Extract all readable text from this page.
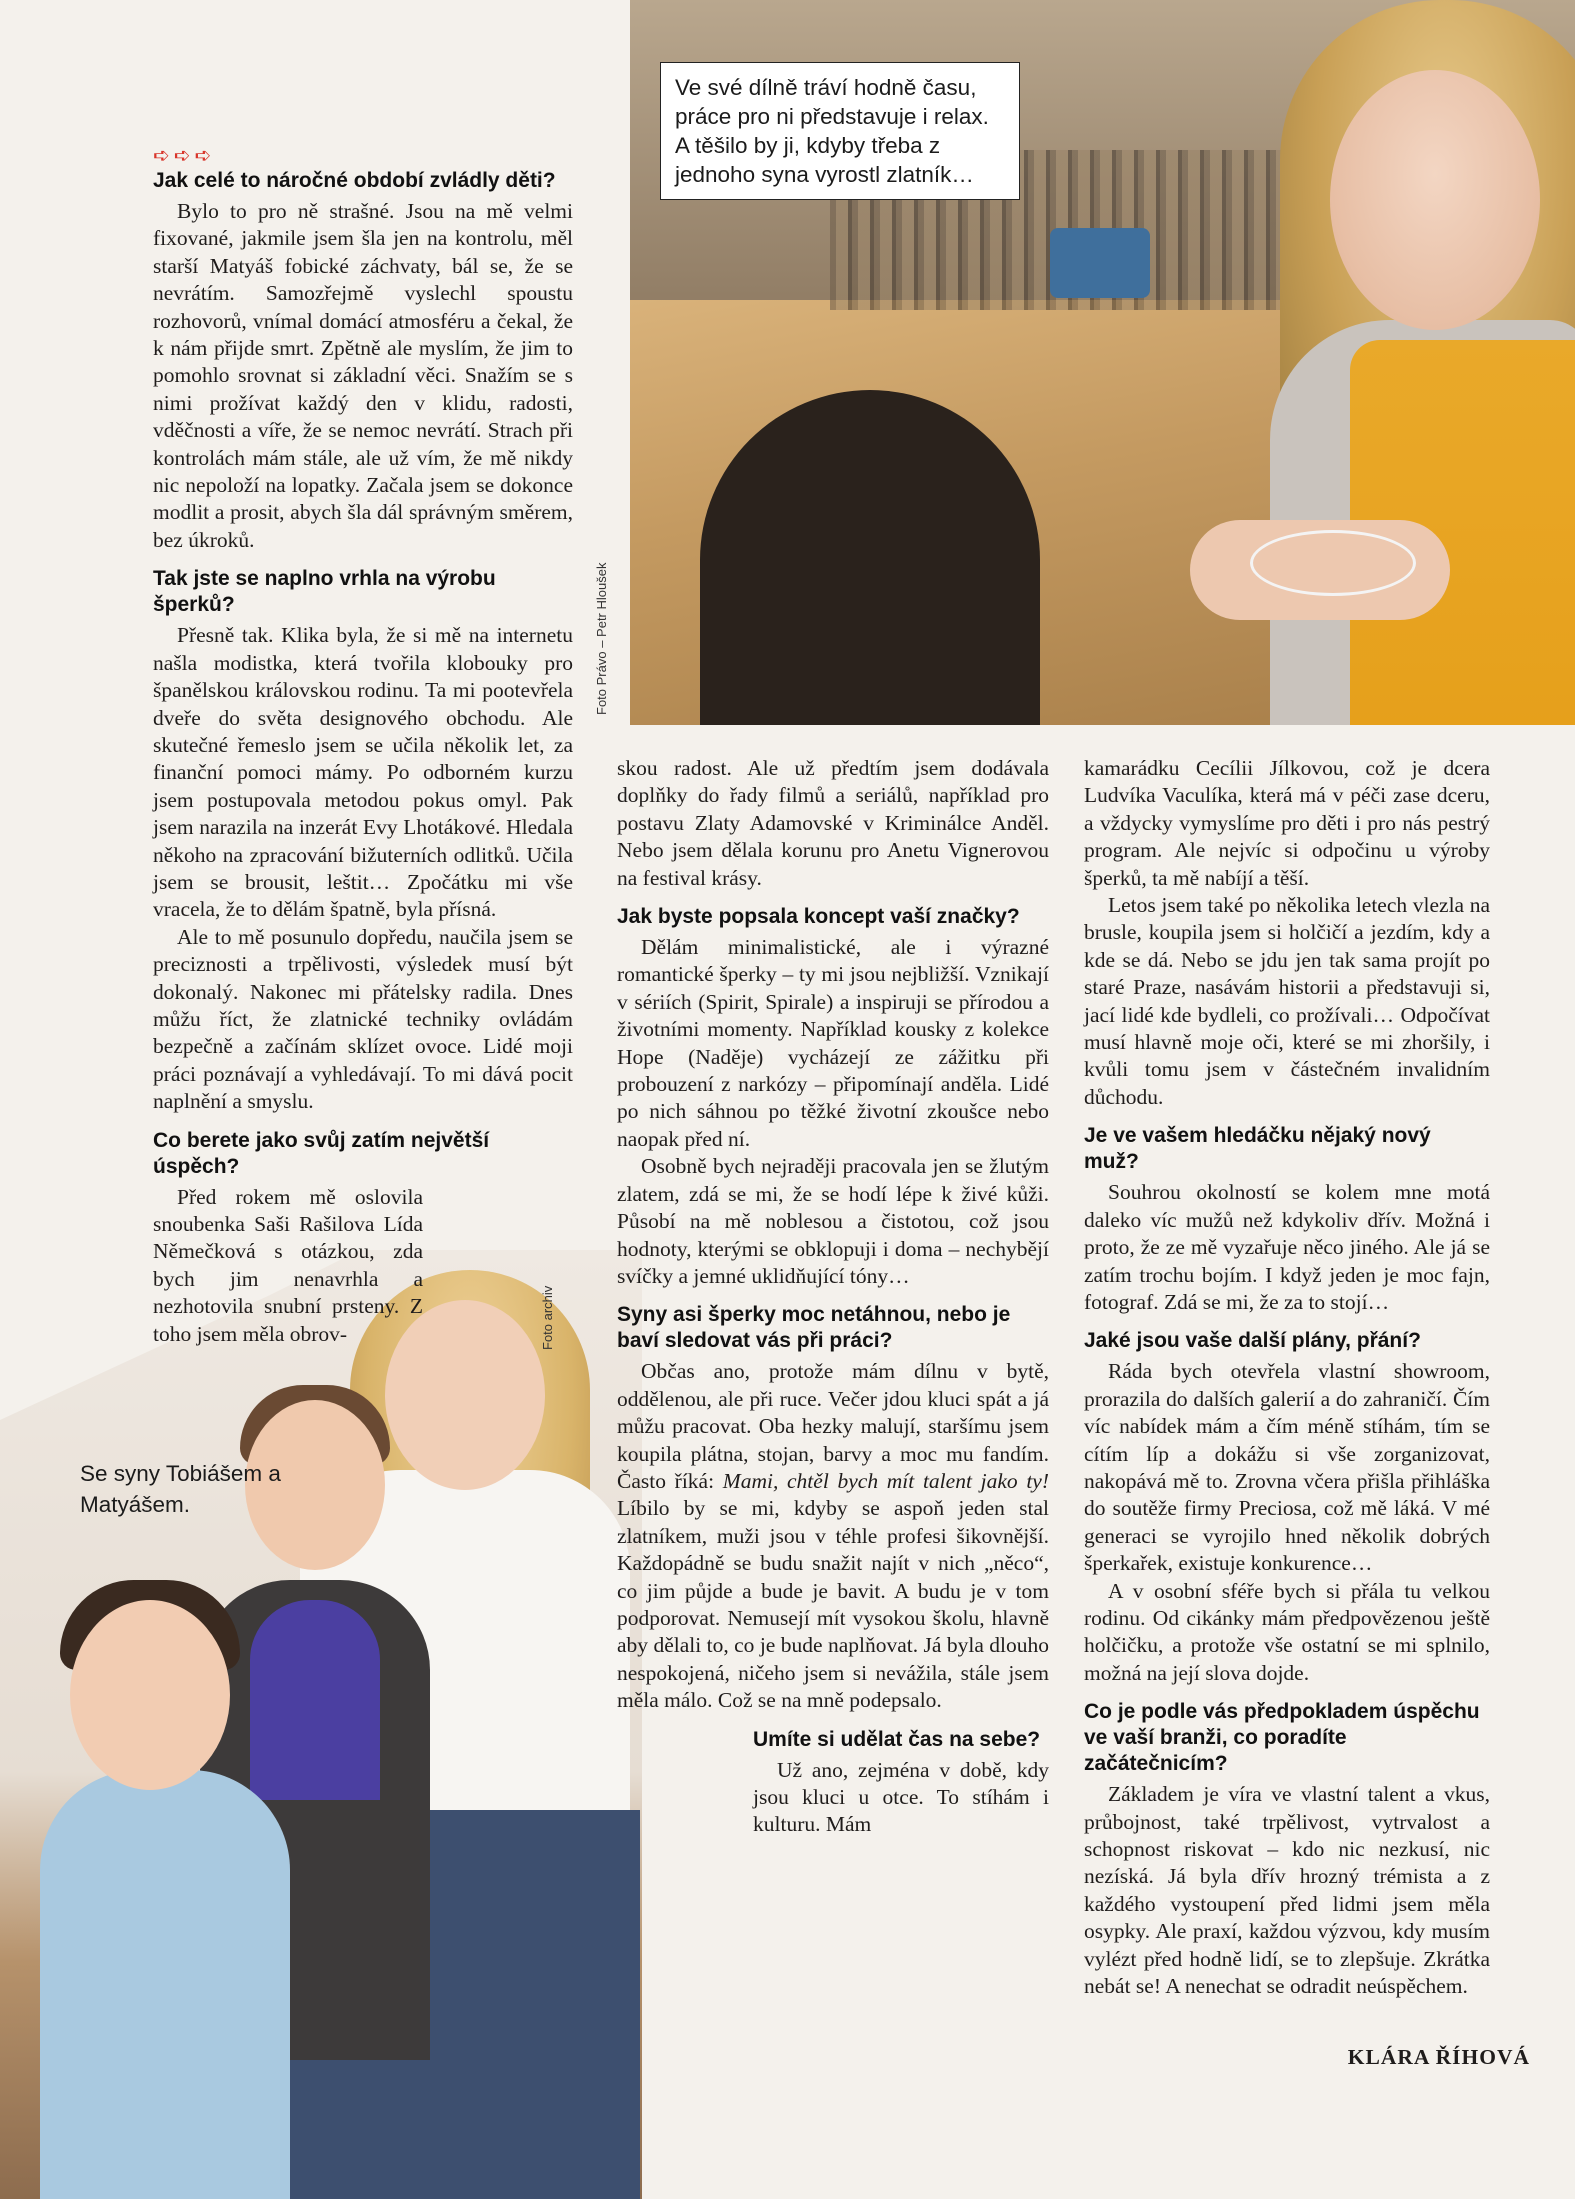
Ve své dílně tráví hodně času, práce pro ni představuje i relax. A těšilo by ji, kdyby třeba z jednoho syna vyrostl zlatník…
Foto Právo – Petr Hloušek
Se syny Tobiášem a Matyášem.
Foto archiv
➪➪➪
Jak celé to náročné období zvládly děti?

Bylo to pro ně strašné. Jsou na mě velmi fixované, jakmile jsem šla jen na kontrolu, měl starší Matyáš fobické záchvaty, bál se, že se nevrátím. Samozřejmě vyslechl spoustu rozhovorů, vnímal domácí atmosféru a čekal, že k nám přijde smrt. Zpětně ale myslím, že jim to pomohlo srovnat si základní věci. Snažím se s nimi prožívat každý den v klidu, radosti, vděčnosti a víře, že se nemoc nevrátí. Strach při kontrolách mám stále, ale už vím, že mě nikdy nic nepoloží na lopatky. Začala jsem se dokonce modlit a prosit, abych šla dál správným směrem, bez úkroků.

Tak jste se naplno vrhla na výrobu šperků?

Přesně tak. Klika byla, že si mě na internetu našla modistka, která tvořila klobouky pro španělskou královskou rodinu. Ta mi pootevřela dveře do světa designového obchodu. Ale skutečné řemeslo jsem se učila několik let, za finanční pomoci mámy. Po odborném kurzu jsem postupovala metodou pokus omyl. Pak jsem narazila na inzerát Evy Lhotákové. Hledala někoho na zpracování bižuterních odlitků. Učila jsem se brousit, leštit… Zpočátku mi vše vracela, že to dělám špatně, byla přísná.

Ale to mě posunulo dopředu, naučila jsem se preciznosti a trpělivosti, výsledek musí být dokonalý. Nakonec mi přátelsky radila. Dnes můžu říct, že zlatnické techniky ovládám bezpečně a začínám sklízet ovoce. Lidé moji práci poznávají a vyhledávají. To mi dává pocit naplnění a smyslu.

Co berete jako svůj zatím největší úspěch?

Před rokem mě oslovila snoubenka Saši Rašilova Lída Němečková s otázkou, zda bych jim nenavrhla a nezhotovila snubní prsteny. Z toho jsem měla obrov-

skou radost. Ale už předtím jsem dodávala doplňky do řady filmů a seriálů, například pro postavu Zlaty Adamovské v Kriminálce Anděl. Nebo jsem dělala korunu pro Anetu Vignerovou na festival krásy.

Jak byste popsala koncept vaší značky?

Dělám minimalistické, ale i výrazné romantické šperky – ty mi jsou nejbližší. Vznikají v sériích (Spirit, Spirale) a inspiruji se přírodou a životními momenty. Například kousky z kolekce Hope (Naděje) vycházejí ze zážitku při probouzení z narkózy – připomínají anděla. Lidé po nich sáhnou po těžké životní zkoušce nebo naopak před ní.

Osobně bych nejraději pracovala jen se žlutým zlatem, zdá se mi, že se hodí lépe k živé kůži. Působí na mě noblesou a čistotou, což jsou hodnoty, kterými se obklopuji i doma – nechybějí svíčky a jemné uklidňující tóny…

Syny asi šperky moc netáhnou, nebo je baví sledovat vás při práci?

Občas ano, protože mám dílnu v bytě, oddělenou, ale při ruce. Večer jdou kluci spát a já můžu pracovat. Oba hezky malují, staršímu jsem koupila plátna, stojan, barvy a moc mu fandím. Často říká: Mami, chtěl bych mít talent jako ty! Líbilo by se mi, kdyby se aspoň jeden stal zlatníkem, muži jsou v téhle profesi šikovnější. Každopádně se budu snažit najít v nich „něco“, co jim půjde a bude je bavit. A budu je v tom podporovat. Nemusejí mít vysokou školu, hlavně aby dělali to, co je bude naplňovat. Já byla dlouho nespokojená, ničeho jsem si nevážila, stále jsem měla málo. Což se na mně podepsalo.

Umíte si udělat čas na sebe?

Už ano, zejména v době, kdy jsou kluci u otce. To stíhám i kulturu. Mám

kamarádku Cecílii Jílkovou, což je dcera Ludvíka Vaculíka, která má v péči zase dceru, a vždycky vymyslíme pro děti i pro nás pestrý program. Ale nejvíc si odpočinu u výroby šperků, ta mě nabíjí a těší.

Letos jsem také po několika letech vlezla na brusle, koupila jsem si holčičí a jezdím, kdy a kde se dá. Nebo se jdu jen tak sama projít po staré Praze, nasávám historii a představuji si, jací lidé kde bydleli, co prožívali… Odpočívat musí hlavně moje oči, které se mi zhoršily, i kvůli tomu jsem v částečném invalidním důchodu.

Je ve vašem hledáčku nějaký nový muž?

Souhrou okolností se kolem mne motá daleko víc mužů než kdykoliv dřív. Možná i proto, že ze mě vyzařuje něco jiného. Ale já se zatím trochu bojím. I když jeden je moc fajn, fotograf. Zdá se mi, že za to stojí…

Jaké jsou vaše další plány, přání?

Ráda bych otevřela vlastní showroom, prorazila do dalších galerií a do zahraničí. Čím víc nabídek mám a čím méně stíhám, tím se cítím líp a dokážu si vše zorganizovat, nakopává mě to. Zrovna včera přišla přihláška do soutěže firmy Preciosa, což mě láká. V mé generaci se vyrojilo hned několik dobrých šperkařek, existuje konkurence…

A v osobní sféře bych si přála tu velkou rodinu. Od cikánky mám předpovězenou ještě holčičku, a protože vše ostatní se mi splnilo, možná na její slova dojde.

Co je podle vás předpokladem úspěchu ve vaší branži, co poradíte začátečnicím?

Základem je víra ve vlastní talent a vkus, průbojnost, také trpělivost, vytrvalost a schopnost riskovat – kdo nic nezkusí, nic nezíská. Já byla dřív hrozný trémista a z každého vystoupení před lidmi jsem měla osypky. Ale praxí, každou výzvou, kdy musím vylézt před hodně lidí, se to zlepšuje. Zkrátka nebát se! A nenechat se odradit neúspěchem.

KLÁRA ŘÍHOVÁ
